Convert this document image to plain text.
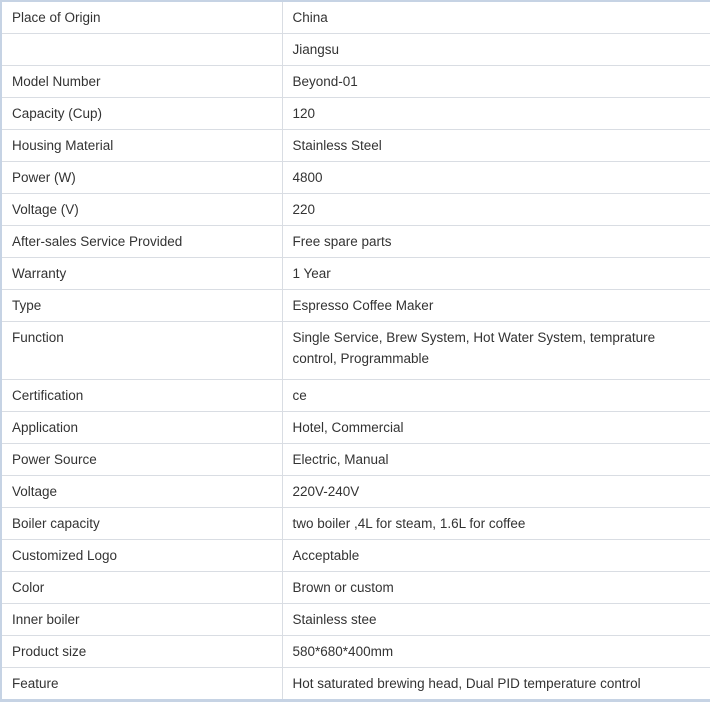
Place of Origin	China
	Jiangsu
Model Number	Beyond-01
Capacity (Cup)	120
Housing Material	Stainless Steel
Power (W)	4800
Voltage (V)	220
After-sales Service Provided	Free spare parts
Warranty	1 Year
Type	Espresso Coffee Maker
Function	Single Service, Brew System, Hot Water System, temprature control, Programmable
Certification	ce
Application	Hotel, Commercial
Power Source	Electric, Manual
Voltage	220V-240V
Boiler capacity	two boiler ,4L for steam, 1.6L for coffee
Customized Logo	Acceptable
Color	Brown or custom
Inner boiler	Stainless stee
Product size	580*680*400mm
Feature	Hot saturated brewing head, Dual PID temperature control
